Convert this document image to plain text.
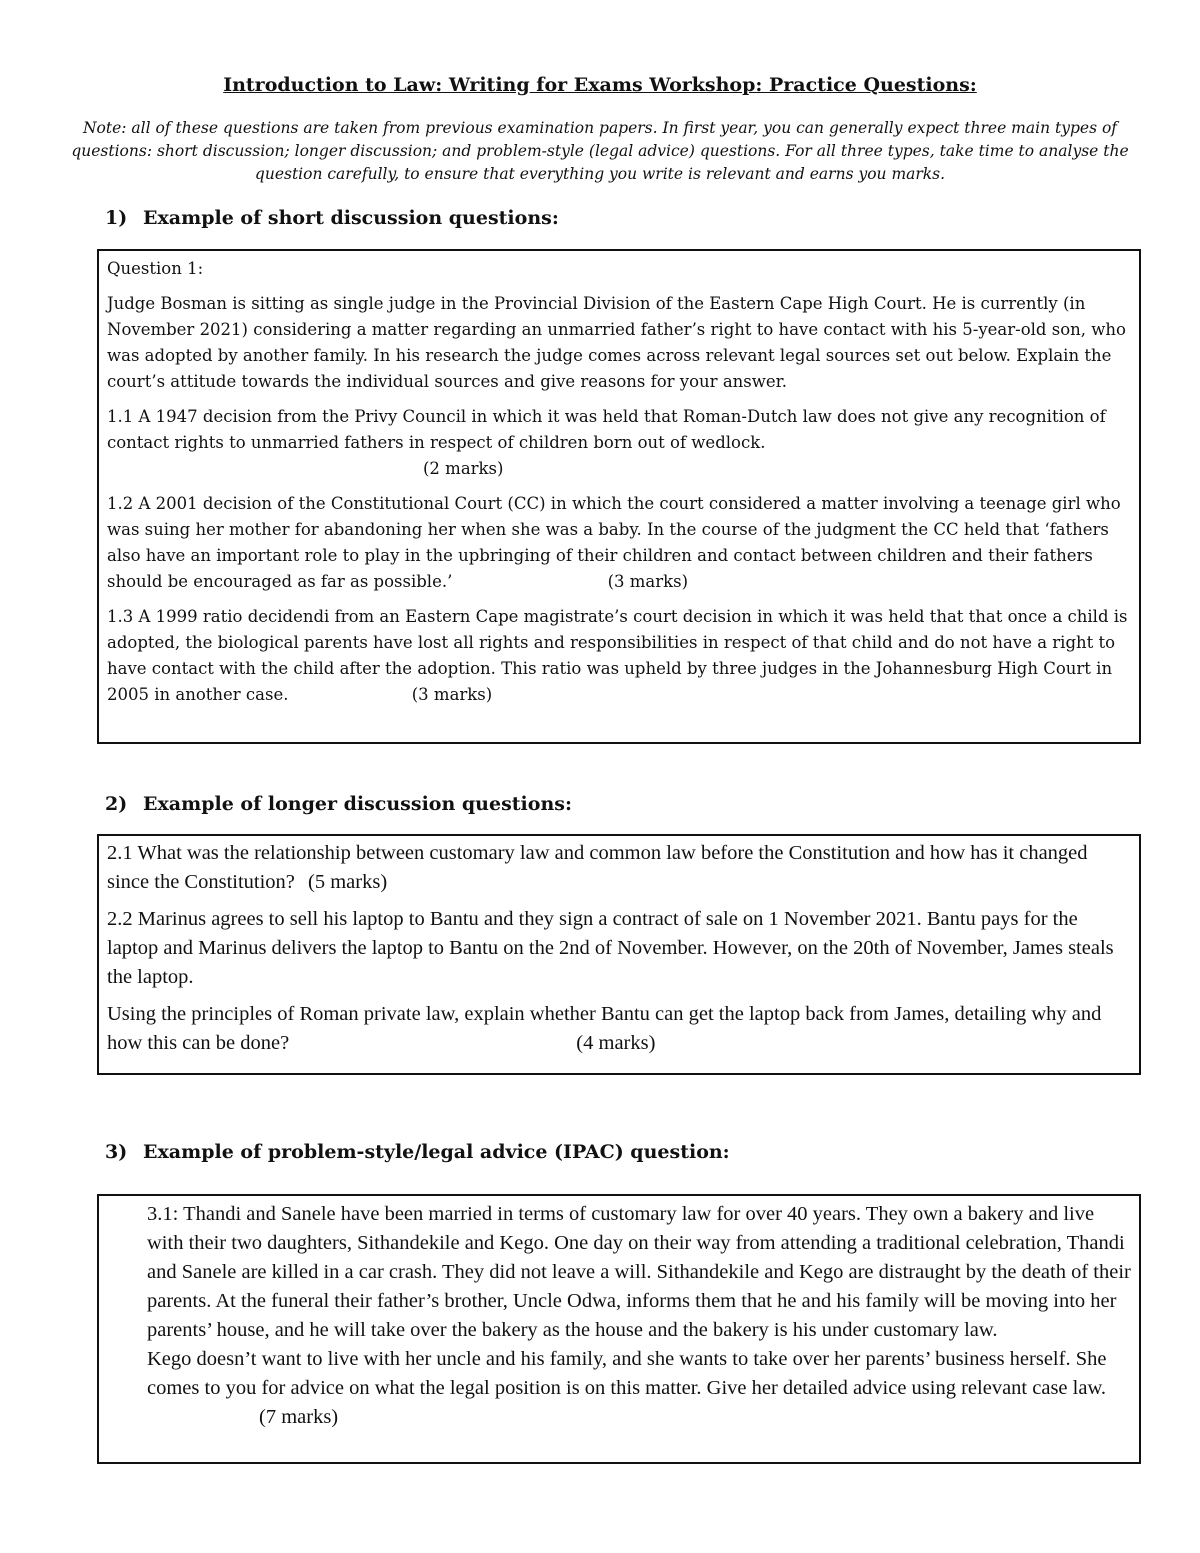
Introduction to Law: Writing for Exams Workshop: Practice Questions:

Note: all of these questions are taken from previous examination papers. In first year, you can generally expect three main types of questions: short discussion; longer discussion; and problem-style (legal advice) questions. For all three types, take time to analyse the question carefully, to ensure that everything you write is relevant and earns you marks.

1) Example of short discussion questions:

Question 1:

Judge Bosman is sitting as single judge in the Provincial Division of the Eastern Cape High Court. He is currently (in November 2021) considering a matter regarding an unmarried father’s right to have contact with his 5-year-old son, who was adopted by another family. In his research the judge comes across relevant legal sources set out below. Explain the court’s attitude towards the individual sources and give reasons for your answer.

1.1 A 1947 decision from the Privy Council in which it was held that Roman-Dutch law does not give any recognition of contact rights to unmarried fathers in respect of children born out of wedlock.

(2 marks)

1.2 A 2001 decision of the Constitutional Court (CC) in which the court considered a matter involving a teenage girl who was suing her mother for abandoning her when she was a baby. In the course of the judgment the CC held that ‘fathers also have an important role to play in the upbringing of their children and contact between children and their fathers should be encouraged as far as possible.’	(3 marks)

1.3 A 1999 ratio decidendi from an Eastern Cape magistrate’s court decision in which it was held that that once a child is adopted, the biological parents have lost all rights and responsibilities in respect of that child and do not have a right to have contact with the child after the adoption. This ratio was upheld by three judges in the Johannesburg High Court in 2005 in another case.	(3 marks)

2) Example of longer discussion questions:

2.1 What was the relationship between customary law and common law before the Constitution and how has it changed since the Constitution? (5 marks)

2.2 Marinus agrees to sell his laptop to Bantu and they sign a contract of sale on 1 November 2021. Bantu pays for the laptop and Marinus delivers the laptop to Bantu on the 2nd of November. However, on the 20th of November, James steals the laptop.

Using the principles of Roman private law, explain whether Bantu can get the laptop back from James, detailing why and how this can be done?	(4 marks)

3) Example of problem-style/legal advice (IPAC) question:

3.1: Thandi and Sanele have been married in terms of customary law for over 40 years. They own a bakery and live with their two daughters, Sithandekile and Kego. One day on their way from attending a traditional celebration, Thandi and Sanele are killed in a car crash. They did not leave a will. Sithandekile and Kego are distraught by the death of their parents. At the funeral their father’s brother, Uncle Odwa, informs them that he and his family will be moving into her parents’ house, and he will take over the bakery as the house and the bakery is his under customary law.

Kego doesn’t want to live with her uncle and his family, and she wants to take over her parents’ business herself. She comes to you for advice on what the legal position is on this matter. Give her detailed advice using relevant case law. (7 marks)
